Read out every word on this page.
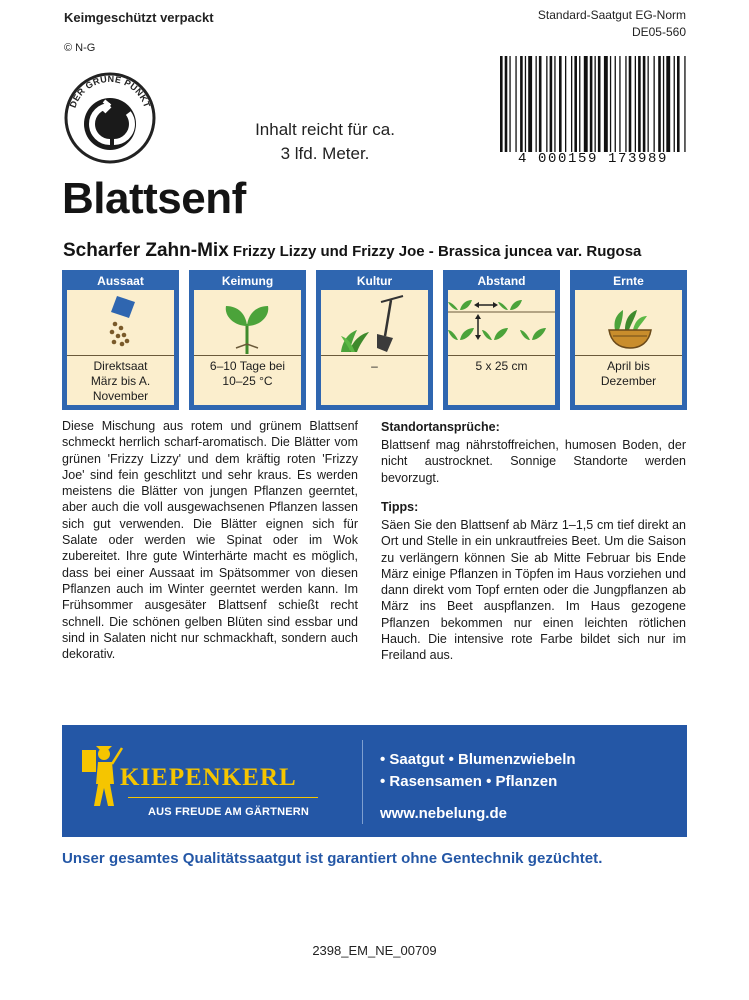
Keimgeschützt verpackt
© N-G
DER GRÜNE PUNKT
Standard-Saatgut EG-Norm
DE05-560
4 000159 173989
Inhalt reicht für ca. 3 lfd. Meter.
Blattsenf
Scharfer Zahn-Mix Frizzy Lizzy und Frizzy Joe - Brassica juncea var. Rugosa
Aussaat
Direktsaat
März bis A.
November
Keimung
6–10 Tage bei
10–25 °C
Kultur
–
Abstand
5 x 25 cm
Ernte
April bis
Dezember
Diese Mischung aus rotem und grünem Blattsenf schmeckt herrlich scharf-aromatisch. Die Blätter vom grünen 'Frizzy Lizzy' und dem kräftig roten 'Frizzy Joe' sind fein geschlitzt und sehr kraus. Es werden meistens die Blätter von jungen Pflanzen geerntet, aber auch die voll ausgewachsenen Pflanzen lassen sich gut verwenden. Die Blätter eignen sich für Salate oder werden wie Spinat oder im Wok zubereitet. Ihre gute Winterhärte macht es möglich, dass bei einer Aussaat im Spätsommer von diesen Pflanzen auch im Winter geerntet werden kann. Im Frühsommer ausgesäter Blattsenf schießt recht schnell. Die schönen gelben Blüten sind essbar und sind in Salaten nicht nur schmackhaft, sondern auch dekorativ.
Standortansprüche:
Blattsenf mag nährstoffreichen, humosen Boden, der nicht austrocknet. Sonnige Standorte werden bevorzugt.
Tipps:
Säen Sie den Blattsenf ab März 1–1,5 cm tief direkt an Ort und Stelle in ein unkrautfreies Beet. Um die Saison zu verlängern können Sie ab Mitte Februar bis Ende März einige Pflanzen in Töpfen im Haus vorziehen und dann direkt vom Topf ernten oder die Jungpflanzen ab März ins Beet auspflanzen. Im Haus gezogene Pflanzen bekommen nur einen leichten rötlichen Hauch. Die intensive rote Farbe bildet sich nur im Freiland aus.
KIEPENKERL
AUS FREUDE AM GÄRTNERN
• Saatgut • Blumenzwiebeln
• Rasensamen • Pflanzen
www.nebelung.de
Unser gesamtes Qualitätssaatgut ist garantiert ohne Gentechnik gezüchtet.
2398_EM_NE_00709
